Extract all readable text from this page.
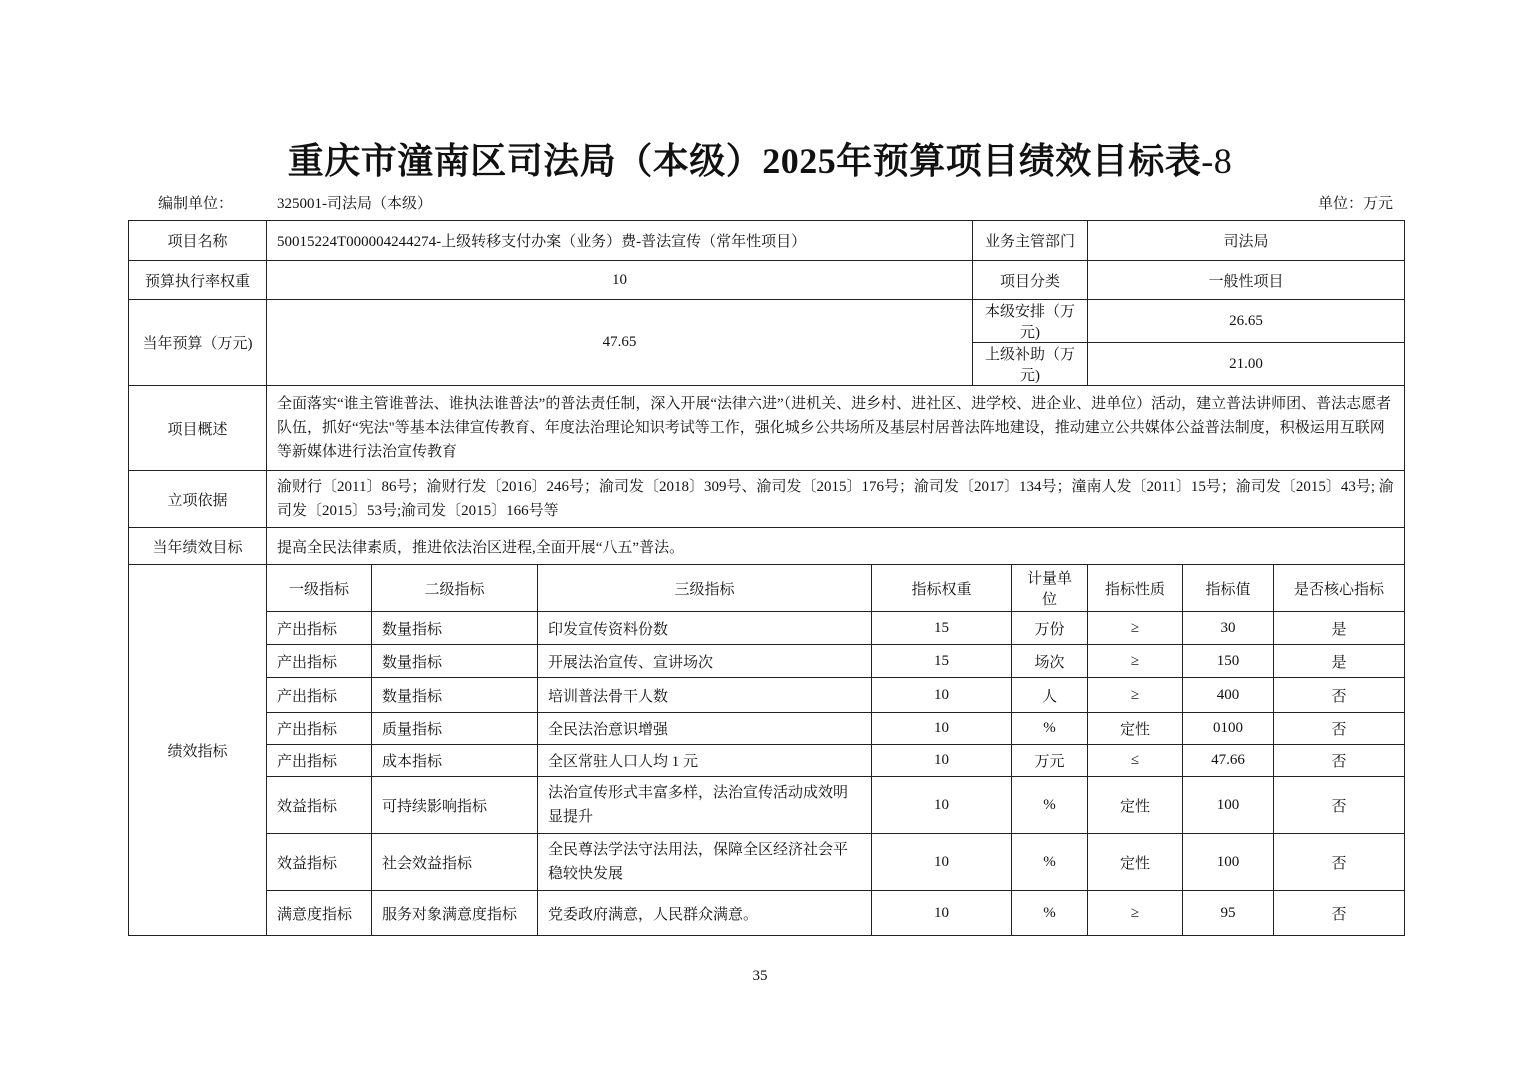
重庆市潼南区司法局（本级）2025年预算项目绩效目标表-8
编制单位：	325001-司法局（本级）	单位：万元
项目名称	50015224T000004244274-上级转移支付办案（业务）费-普法宣传（常年性项目）				业务主管部门		司法局		
预算执行率权重	10				项目分类		一般性项目		
当年预算（万元)	47.65				本级安排（万元)		26.65		
					上级补助（万元)		21.00		
项目概述	全面落实“谁主管谁普法、谁执法谁普法”的普法责任制，深入开展“法律六进”（进机关、进乡村、进社区、进学校、进企业、进单位）活动，建立普法讲师团、普法志愿者队伍，抓好“宪法"等基本法律宣传教育、年度法治理论知识考试等工作，强化城乡公共场所及基层村居普法阵地建设，推动建立公共媒体公益普法制度，积极运用互联网等新媒体进行法治宣传教育								
立项依据	渝财行〔2011〕86号；渝财行发〔2016〕246号；渝司发〔2018〕309号、渝司发〔2015〕176号；渝司发〔2017〕134号；潼南人发〔2011〕15号；渝司发〔2015〕43号; 渝司发〔2015〕53号;渝司发〔2015〕166号等								
当年绩效目标	提高全民法律素质，推进依法治区进程,全面开展“八五”普法。								
绩效指标	一级指标	二级指标	三级指标	指标权重		计量单位	指标性质	指标值	是否核心指标
	产出指标	数量指标	印发宣传资料份数	15		万份	≥	30	是
	产出指标	数量指标	开展法治宣传、宣讲场次	15		场次	≥	150	是
	产出指标	数量指标	培训普法骨干人数	10		人	≥	400	否
	产出指标	质量指标	全民法治意识增强	10		%	定性	0100	否
	产出指标	成本指标	全区常驻人口人均 1 元	10		万元	≤	47.66	否
	效益指标	可持续影响指标	法治宣传形式丰富多样，法治宣传活动成效明显提升	10		%	定性	100	否
	效益指标	社会效益指标	全民尊法学法守法用法，保障全区经济社会平稳较快发展	10		%	定性	100	否
	满意度指标	服务对象满意度指标	党委政府满意，人民群众满意。	10		%	≥	95	否
35
